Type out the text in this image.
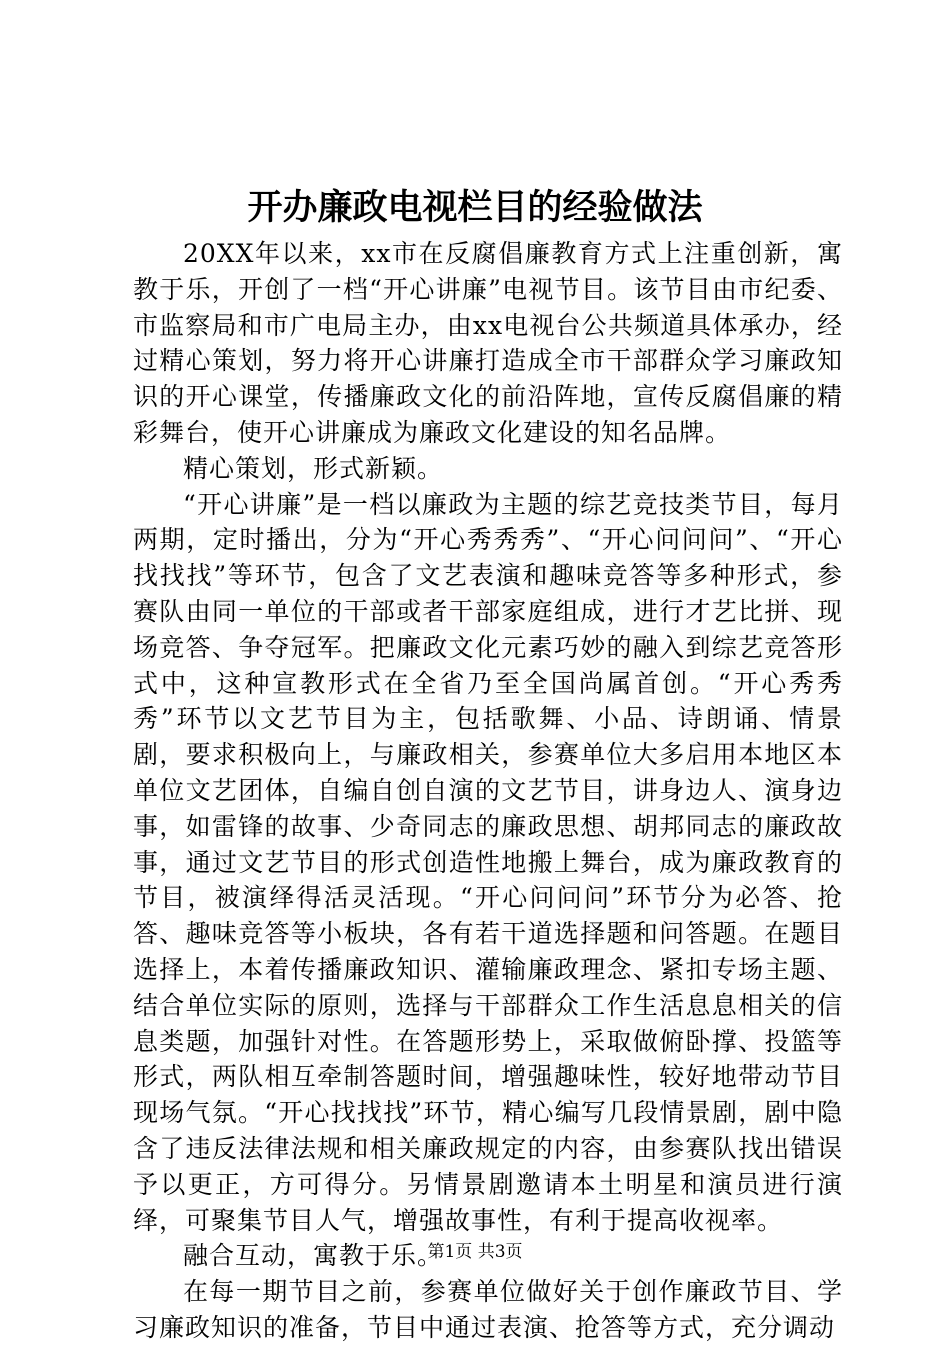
开办廉政电视栏目的经验做法

20XX年以来，xx市在反腐倡廉教育方式上注重创新，寓教于乐，开创了一档“开心讲廉”电视节目。该节目由市纪委、市监察局和市广电局主办，由xx电视台公共频道具体承办，经过精心策划，努力将开心讲廉打造成全市干部群众学习廉政知识的开心课堂，传播廉政文化的前沿阵地，宣传反腐倡廉的精彩舞台，使开心讲廉成为廉政文化建设的知名品牌。

精心策划，形式新颖。

“开心讲廉”是一档以廉政为主题的综艺竞技类节目，每月两期，定时播出，分为“开心秀秀秀”、“开心问问问”、“开心找找找”等环节，包含了文艺表演和趣味竞答等多种形式，参赛队由同一单位的干部或者干部家庭组成，进行才艺比拼、现场竞答、争夺冠军。把廉政文化元素巧妙的融入到综艺竞答形式中，这种宣教形式在全省乃至全国尚属首创。“开心秀秀秀”环节以文艺节目为主，包括歌舞、小品、诗朗诵、情景剧，要求积极向上，与廉政相关，参赛单位大多启用本地区本单位文艺团体，自编自创自演的文艺节目，讲身边人、演身边事，如雷锋的故事、少奇同志的廉政思想、胡邦同志的廉政故事，通过文艺节目的形式创造性地搬上舞台，成为廉政教育的节目，被演绎得活灵活现。“开心问问问”环节分为必答、抢答、趣味竞答等小板块，各有若干道选择题和问答题。在题目选择上，本着传播廉政知识、灌输廉政理念、紧扣专场主题、结合单位实际的原则，选择与干部群众工作生活息息相关的信息类题，加强针对性。在答题形势上，采取做俯卧撑、投篮等形式，两队相互牵制答题时间，增强趣味性，较好地带动节目现场气氛。“开心找找找”环节，精心编写几段情景剧，剧中隐含了违反法律法规和相关廉政规定的内容，由参赛队找出错误予以更正，方可得分。另情景剧邀请本土明星和演员进行演绎，可聚集节目人气，增强故事性，有利于提高收视率。

融合互动，寓教于乐。

在每一期节目之前，参赛单位做好关于创作廉政节目、学习廉政知识的准备，节目中通过表演、抢答等方式，充分调动

第1页 共3页
